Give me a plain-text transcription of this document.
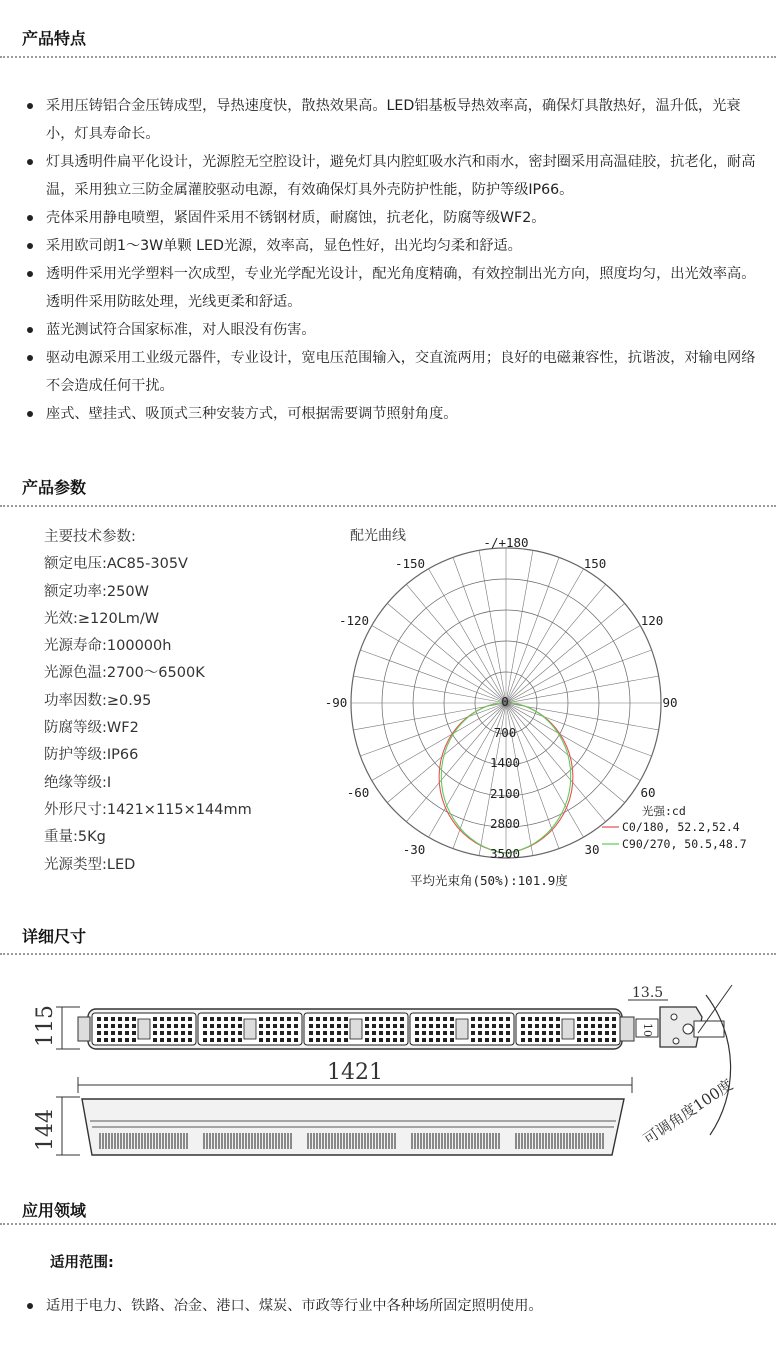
产品特点
采用压铸铝合金压铸成型，导热速度快，散热效果高。LED铝基板导热效率高，确保灯具散热好，温升低，光衰小，灯具寿命长。
灯具透明件扁平化设计，光源腔无空腔设计，避免灯具内腔虹吸水汽和雨水，密封圈采用高温硅胶，抗老化，耐高温，采用独立三防金属灌胶驱动电源，有效确保灯具外壳防护性能，防护等级IP66。
壳体采用静电喷塑，紧固件采用不锈钢材质，耐腐蚀，抗老化，防腐等级WF2。
采用欧司朗1～3W单颗 LED光源，效率高，显色性好，出光均匀柔和舒适。
透明件采用光学塑料一次成型，专业光学配光设计，配光角度精确，有效控制出光方向，照度均匀，出光效率高。透明件采用防眩处理，光线更柔和舒适。
蓝光测试符合国家标准，对人眼没有伤害。
驱动电源采用工业级元器件，专业设计，宽电压范围输入，交直流两用；良好的电磁兼容性，抗谐波，对输电网络不会造成任何干扰。
座式、壁挂式、吸顶式三种安装方式，可根据需要调节照射角度。
产品参数
主要技术参数:
额定电压:AC85-305V
额定功率:250W
光效:≥120Lm/W
光源寿命:100000h
光源色温:2700～6500K
功率因数:≥0.95
防腐等级:WF2
防护等级:IP66
绝缘等级:I
外形尺寸:1421×115×144mm
重量:5Kg
光源类型:LED
配光曲线	-/+180
-150	150
-120	120
-90	90
-60	60
-30	30
0
700
1400
2100
2800
3500
光强:cd
C0/180, 52.2,52.4
C90/270, 50.5,48.7
平均光束角(50%):101.9度
详细尺寸
115
1421
144
13.5
10
可调角度100度
应用领域
适用范围:
适用于电力、铁路、冶金、港口、煤炭、市政等行业中各种场所固定照明使用。
